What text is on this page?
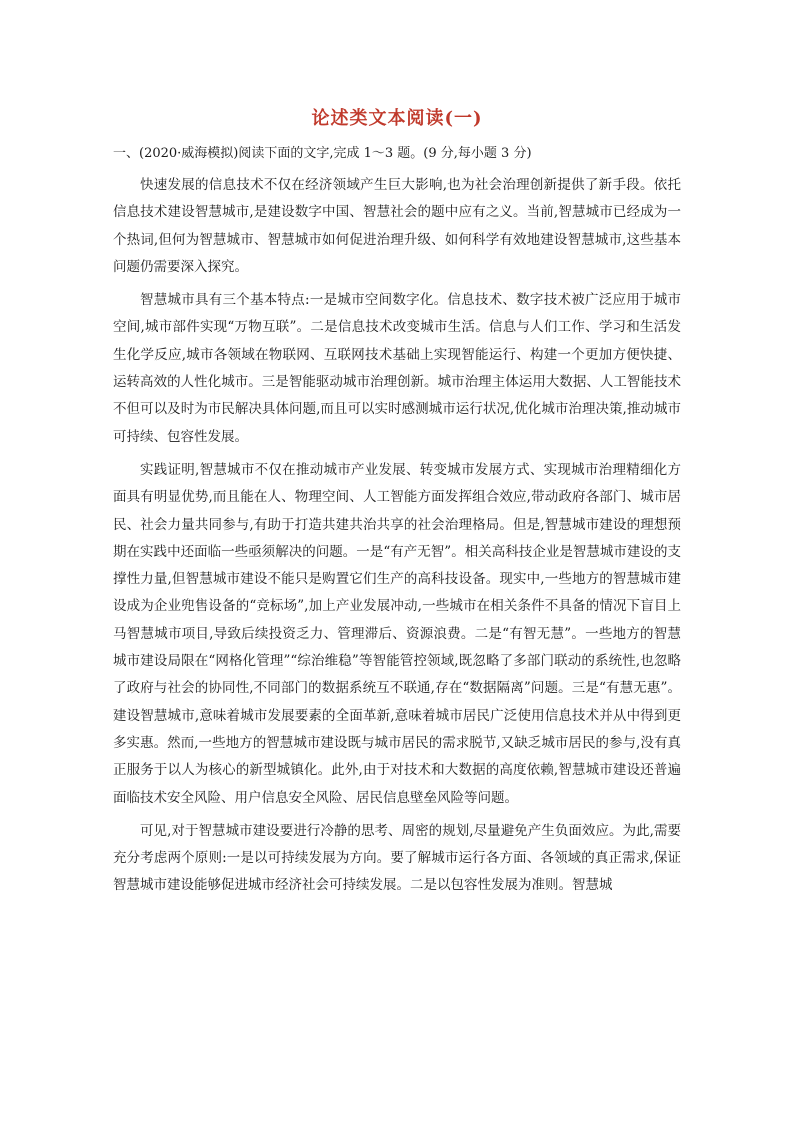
论述类文本阅读(一)
一、(2020·威海模拟)阅读下面的文字,完成 1～3 题。(9 分,每小题 3 分)

快速发展的信息技术不仅在经济领域产生巨大影响,也为社会治理创新提供了新手段。依托信息技术建设智慧城市,是建设数字中国、智慧社会的题中应有之义。当前,智慧城市已经成为一个热词,但何为智慧城市、智慧城市如何促进治理升级、如何科学有效地建设智慧城市,这些基本问题仍需要深入探究。

智慧城市具有三个基本特点:一是城市空间数字化。信息技术、数字技术被广泛应用于城市空间,城市部件实现“万物互联”。二是信息技术改变城市生活。信息与人们工作、学习和生活发生化学反应,城市各领域在物联网、互联网技术基础上实现智能运行、构建一个更加方便快捷、运转高效的人性化城市。三是智能驱动城市治理创新。城市治理主体运用大数据、人工智能技术不但可以及时为市民解决具体问题,而且可以实时感测城市运行状况,优化城市治理决策,推动城市可持续、包容性发展。

实践证明,智慧城市不仅在推动城市产业发展、转变城市发展方式、实现城市治理精细化方面具有明显优势,而且能在人、物理空间、人工智能方面发挥组合效应,带动政府各部门、城市居民、社会力量共同参与,有助于打造共建共治共享的社会治理格局。但是,智慧城市建设的理想预期在实践中还面临一些亟须解决的问题。一是“有产无智”。相关高科技企业是智慧城市建设的支撑性力量,但智慧城市建设不能只是购置它们生产的高科技设备。现实中,一些地方的智慧城市建设成为企业兜售设备的“竞标场”,加上产业发展冲动,一些城市在相关条件不具备的情况下盲目上马智慧城市项目,导致后续投资乏力、管理滞后、资源浪费。二是“有智无慧”。一些地方的智慧城市建设局限在“网格化管理”“综治维稳”等智能管控领域,既忽略了多部门联动的系统性,也忽略了政府与社会的协同性,不同部门的数据系统互不联通,存在“数据隔离”问题。三是“有慧无惠”。建设智慧城市,意味着城市发展要素的全面革新,意味着城市居民广泛使用信息技术并从中得到更多实惠。然而,一些地方的智慧城市建设既与城市居民的需求脱节,又缺乏城市居民的参与,没有真正服务于以人为核心的新型城镇化。此外,由于对技术和大数据的高度依赖,智慧城市建设还普遍面临技术安全风险、用户信息安全风险、居民信息壁垒风险等问题。

可见,对于智慧城市建设要进行冷静的思考、周密的规划,尽量避免产生负面效应。为此,需要充分考虑两个原则:一是以可持续发展为方向。要了解城市运行各方面、各领域的真正需求,保证智慧城市建设能够促进城市经济社会可持续发展。二是以包容性发展为准则。智慧城
